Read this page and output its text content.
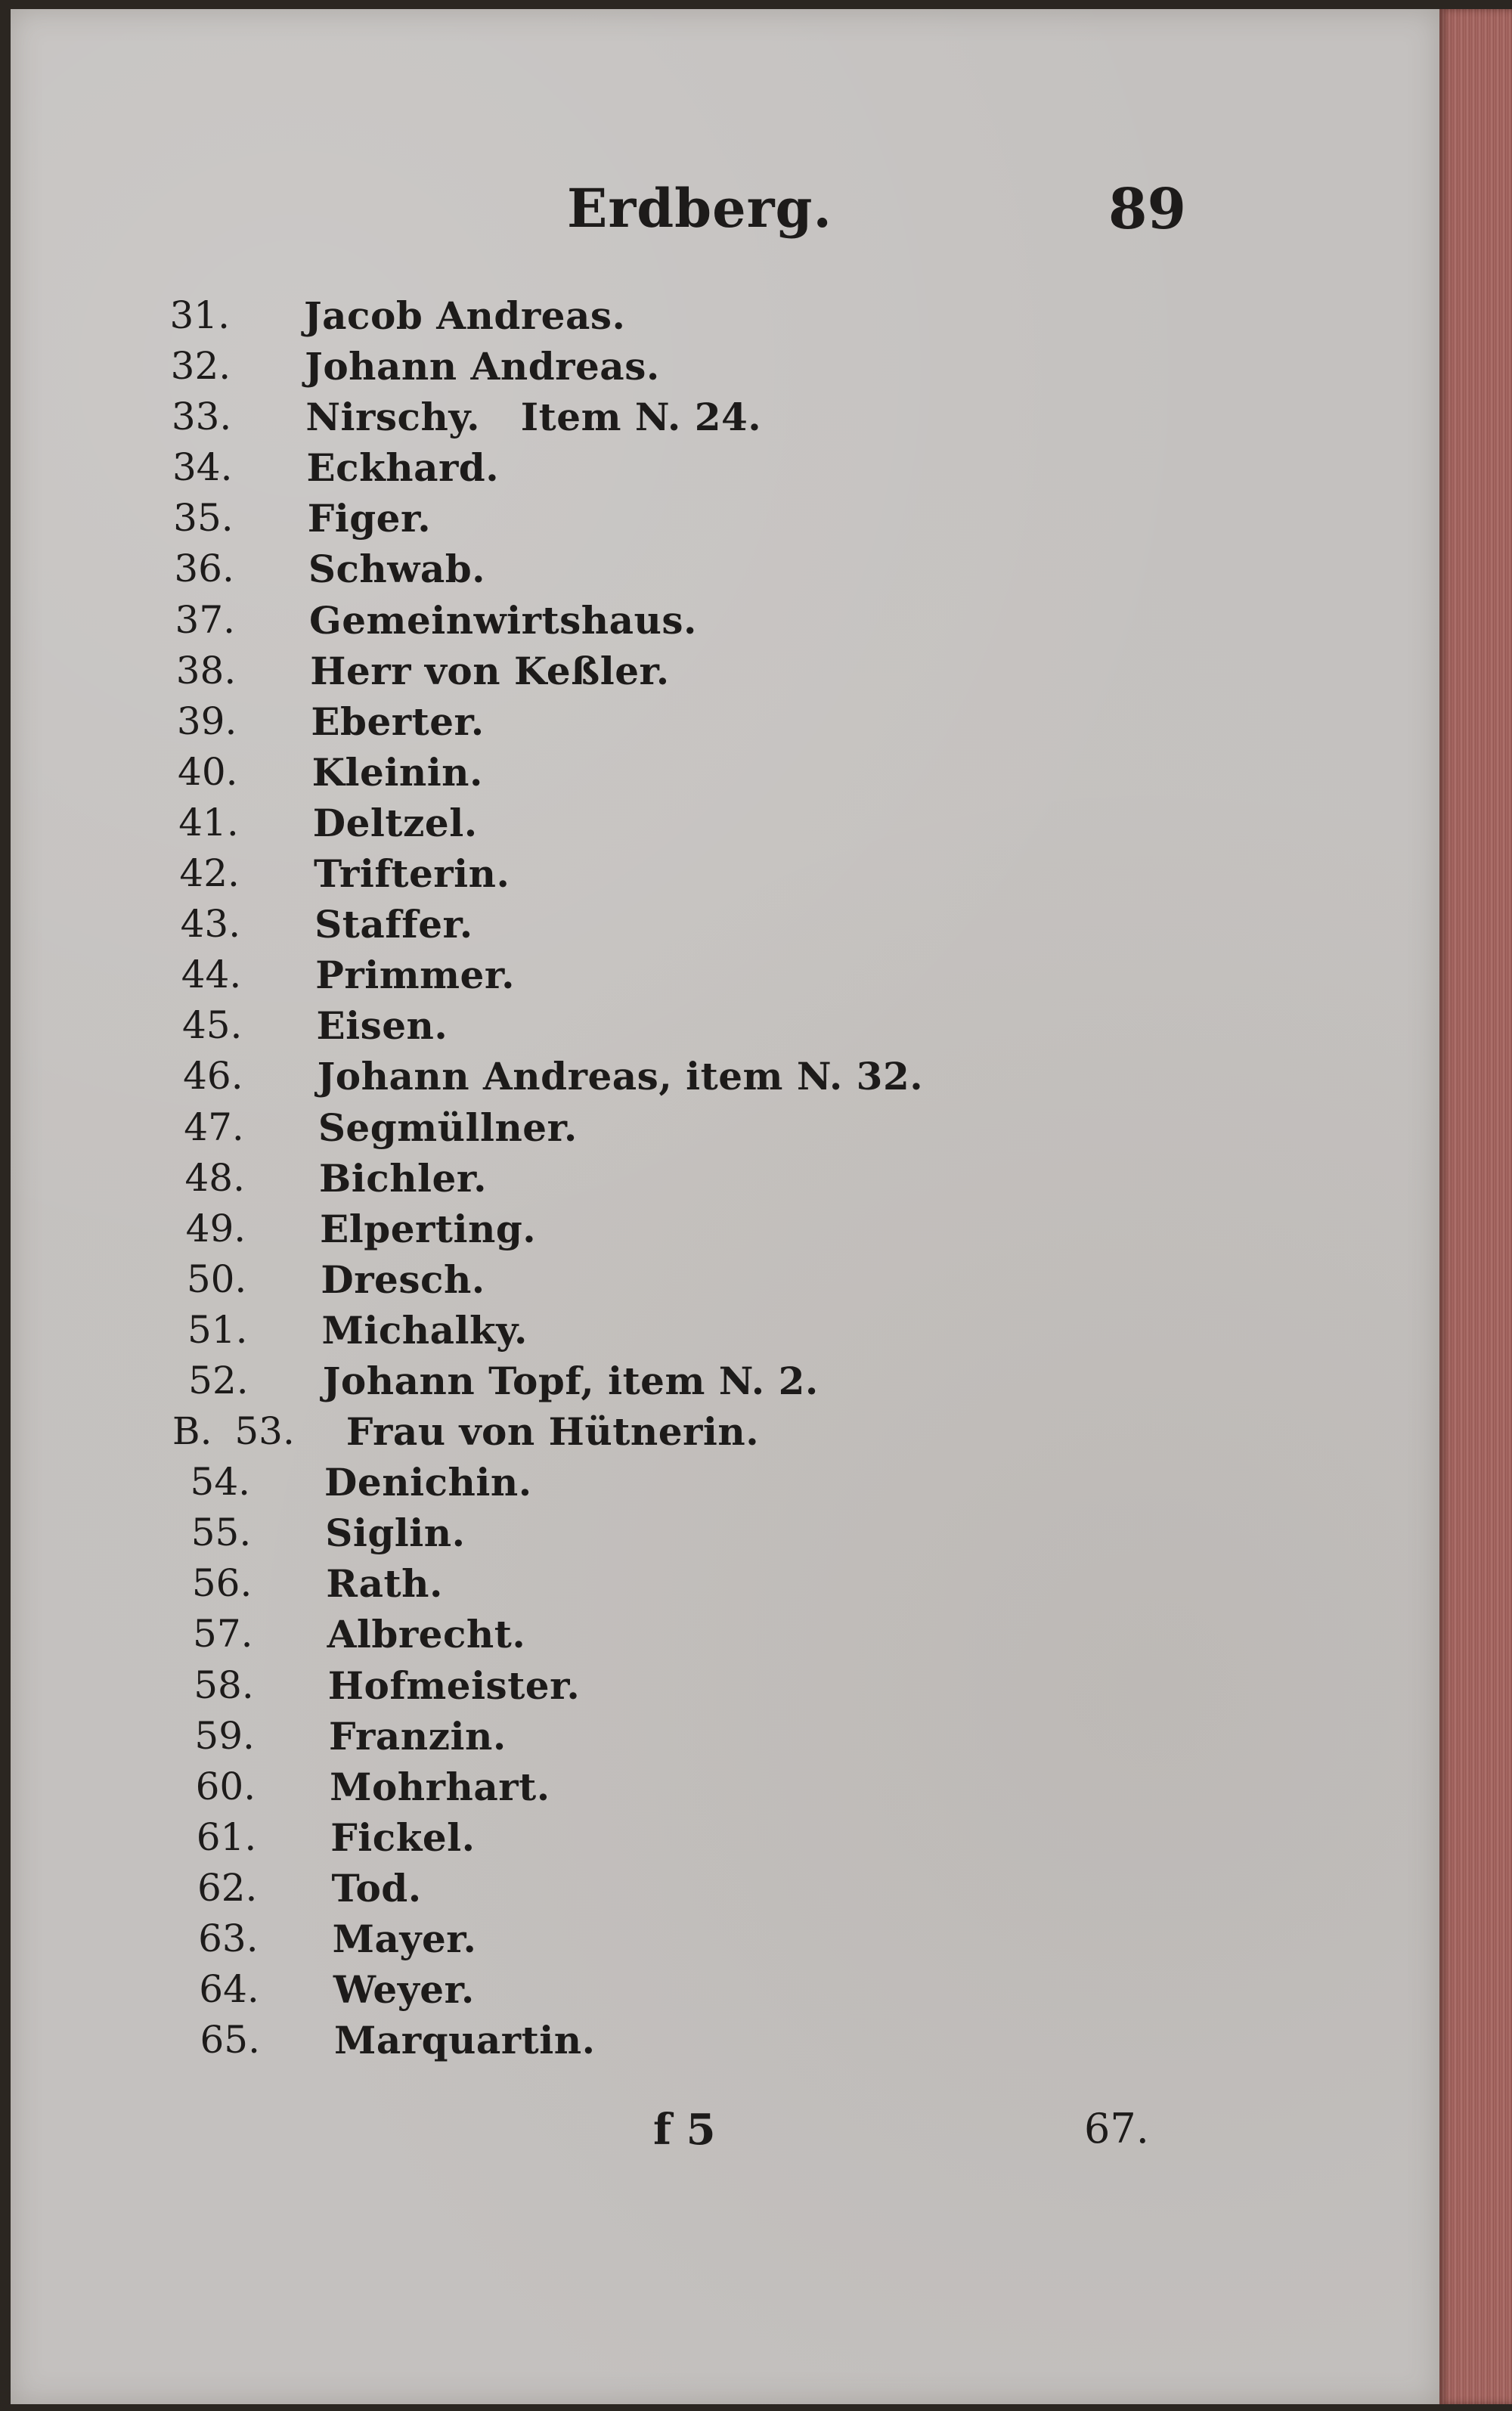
Erdberg.	89
31. Jacob Andreas.
32. Johann Andreas.
33. Nirschy.   Item N. 24.
34. Eckhard.
35. Figer.
36. Schwab.
37. Gemeinwirtshaus.
38. Herr von Keßler.
39. Eberter.
40. Kleinin.
41. Deltzel.
42. Trifterin.
43. Staffer.
44. Primmer.
45. Eisen.
46. Johann Andreas, item N. 32.
47. Segmüllner.
48. Bichler.
49. Elperting.
50. Dresch.
51. Michalky.
52. Johann Topf, item N. 2.
B. 53. Frau von Hütnerin.
54. Denichin.
55. Siglin.
56. Rath.
57. Albrecht.
58. Hofmeister.
59. Franzin.
60. Mohrhart.
61. Fickel.
62. Tod.
63. Mayer.
64. Weyer.
65. Marquartin.
f 5	67.
